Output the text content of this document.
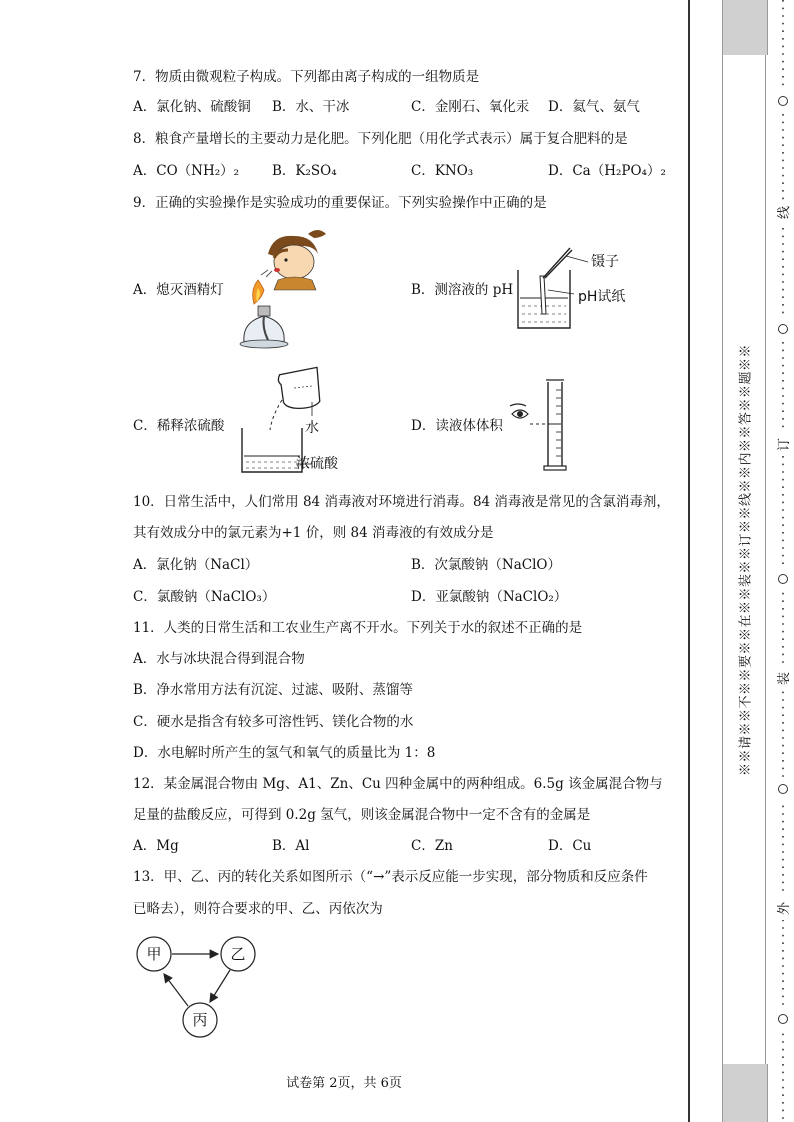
7．物质由微观粒子构成。下列都由离子构成的一组物质是
A．氯化钠、硫酸铜 B．水、干冰	C．金刚石、氧化汞 D．氦气、氨气
8．粮食产量增长的主要动力是化肥。下列化肥（用化学式表示）属于复合肥料的是
A．CO（NH₂）₂ B．K₂SO₄	C．KNO₃	D．Ca（H₂PO₄）₂
9．正确的实验操作是实验成功的重要保证。下列实验操作中正确的是
A．熄灭酒精灯	B．测溶液的 pH
C．稀释浓硫酸	D．读液体体积
镊子
pH试纸
水
浓硫酸
10．日常生活中，人们常用 84 消毒液对环境进行消毒。84 消毒液是常见的含氯消毒剂，
其有效成分中的氯元素为+1 价，则 84 消毒液的有效成分是
A．氯化钠（NaCl）	B．次氯酸钠（NaClO）
C．氯酸钠（NaClO₃）	D．亚氯酸钠（NaClO₂）
11．人类的日常生活和工农业生产离不开水。下列关于水的叙述不正确的是
A．水与冰块混合得到混合物
B．净水常用方法有沉淀、过滤、吸附、蒸馏等
C．硬水是指含有较多可溶性钙、镁化合物的水
D．水电解时所产生的氢气和氧气的质量比为 1：8
12．某金属混合物由 Mg、A1、Zn、Cu 四种金属中的两种组成。6.5g 该金属混合物与
足量的盐酸反应，可得到 0.2g 氢气，则该金属混合物中一定不含有的金属是
A．Mg	B．Al	C．Zn	D．Cu
13．甲、乙、丙的转化关系如图所示（“→”表示反应能一步实现，部分物质和反应条件
已略去），则符合要求的甲、乙、丙依次为
甲	乙
丙
试卷第 2页，共 6页
※※请※※不※※要※※在※※装※※订※※线※※内※※答※※题※※
线
订
装
外
